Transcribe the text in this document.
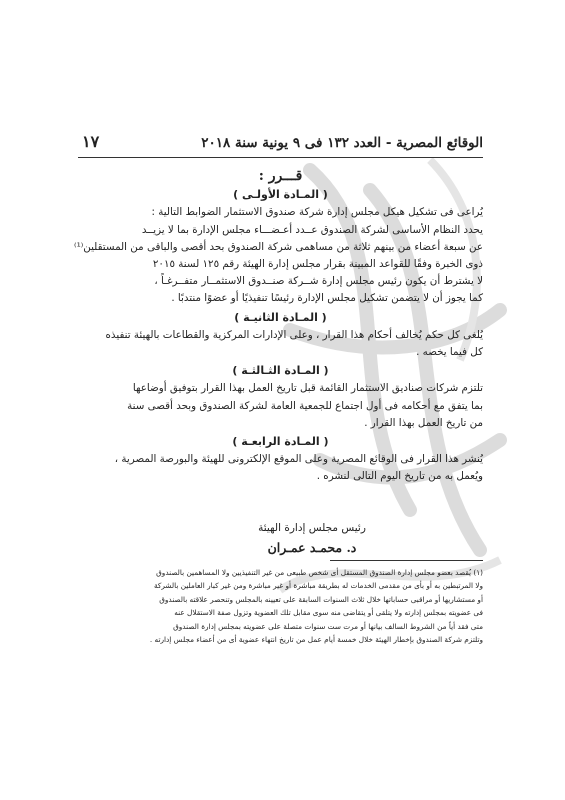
الوقائع المصرية - العدد ١٣٢ فى ٩ يونية سنة ٢٠١٨
١٧

قـــرر :

( المـادة الأولـى )

يُراعى فى تشكيل هيكل مجلس إدارة شركة صندوق الاستثمار الضوابط التالية :

يحدد النظام الأساسى لشركة الصندوق عــدد أعـضـــاء مجلس الإدارة بما لا يزيــد

عن سبعة أعضاء من بينهم ثلاثة من مساهمى شركة الصندوق بحد أقصى والباقى من المستقلين⁽¹⁾

ذوى الخبرة وفقًا للقواعد المبينة بقرار مجلس إدارة الهيئة رقم ١٢٥ لسنة ٢٠١٥

لا يشترط أن يكون رئيس مجلس إدارة شــركة صنــدوق الاستثمــار متفــرغـاً ،

كما يجوز أن لا يتضمن تشكيل مجلس الإدارة رئيسًا تنفيذيًا أو عضوًا منتدبًا .

( المـادة الثانيـة )

يُلغى كل حكم يُخالف أحكام هذا القرار ، وعلى الإدارات المركزية والقطاعات بالهيئة تنفيذه

كل فيما يخصه .

( المـادة الثـالثـة )

تلتزم شركات صناديق الاستثمار القائمة قبل تاريخ العمل بهذا القرار بتوفيق أوضاعها

بما يتفق مع أحكامه فى أول اجتماع للجمعية العامة لشركة الصندوق وبحد أقصى سنة

من تاريخ العمل بهذا القرار .

( المـادة الرابعـة )

يُنشر هذا القرار فى الوقائع المصرية وعلى الموقع الإلكترونى للهيئة والبورصة المصرية ،

ويُعمل به من تاريخ اليوم التالى لنشره .

رئيس مجلس إدارة الهيئة
د. محمـد عمـران

(١) يُقصد بعضو مجلس إدارة الصندوق المستقل أى شخص طبيعى من غير التنفيذيين ولا المساهمين بالصندوق

ولا المرتبطين به أو بأى من مقدمى الخدمات له بطريقة مباشرة أو غير مباشرة ومن غير كبار العاملين بالشركة

أو مستشاريها أو مراقبى حساباتها خلال ثلاث السنوات السابقة على تعيينه بالمجلس وتنحصر علاقته بالصندوق

فى عضويته بمجلس إدارته ولا يتلقى أو يتقاضى منه سوى مقابل تلك العضوية وتزول صفة الاستقلال عنه

متى فقد أياً من الشروط السالف بيانها أو مرت ست سنوات متصلة على عضويته بمجلس إدارة الصندوق

وتلتزم شركة الصندوق بإخطار الهيئة خلال خمسة أيام عمل من تاريخ انتهاء عضوية أى من أعضاء مجلس إدارته .
